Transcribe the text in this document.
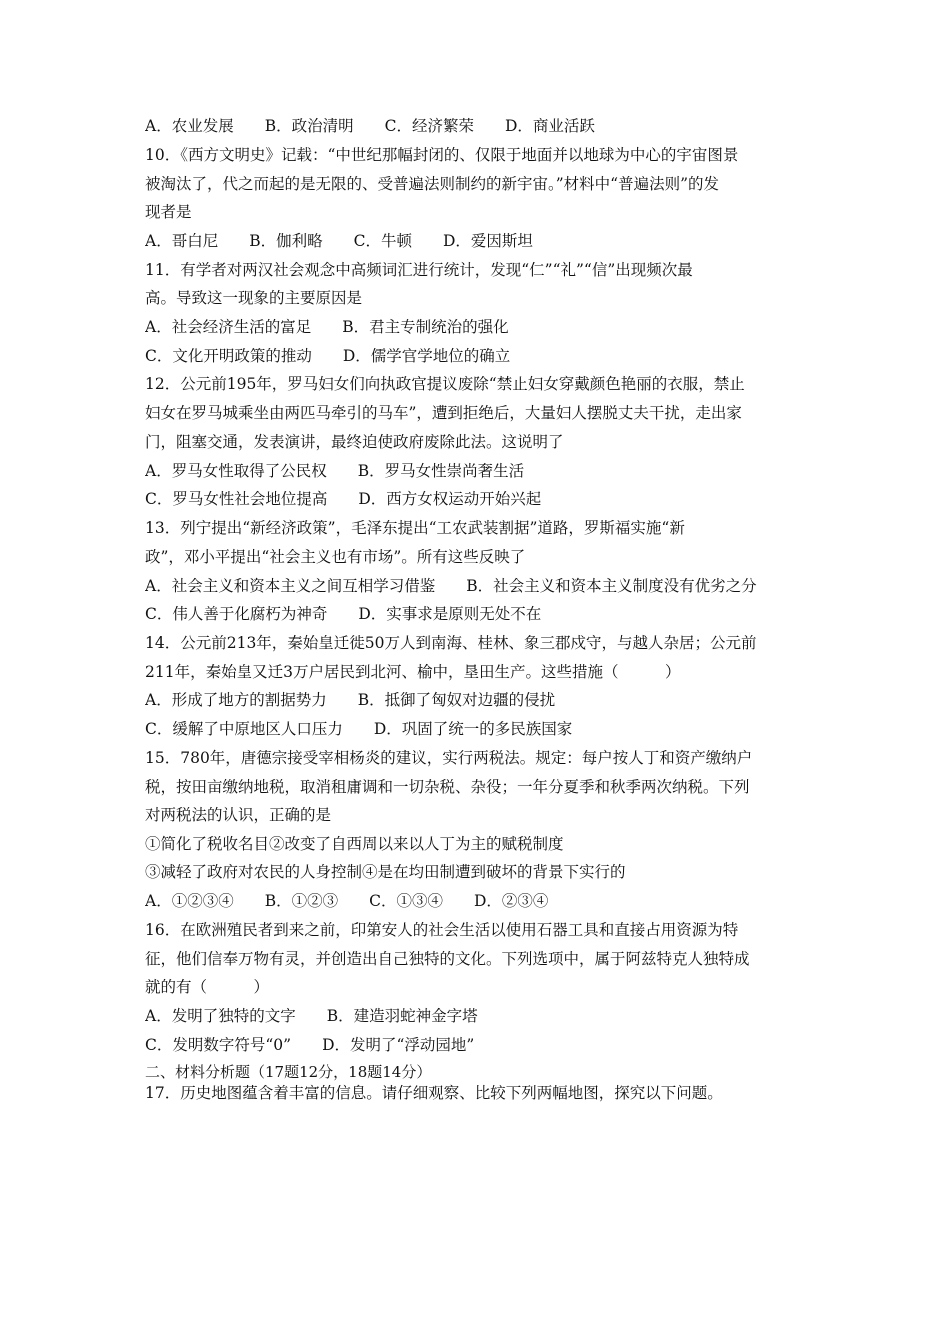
A．农业发展　　B．政治清明　　C．经济繁荣　　D．商业活跃
10．《西方文明史》记载：“中世纪那幅封闭的、仅限于地面并以地球为中心的宇宙图景
被淘汰了，代之而起的是无限的、受普遍法则制约的新宇宙。”材料中“普遍法则”的发
现者是
A．哥白尼　　B．伽利略　　C．牛顿　　D．爱因斯坦
11．有学者对两汉社会观念中高频词汇进行统计，发现“仁”“礼”“信”出现频次最
高。导致这一现象的主要原因是
A．社会经济生活的富足　　B．君主专制统治的强化
C．文化开明政策的推动　　D．儒学官学地位的确立
12．公元前195年，罗马妇女们向执政官提议废除“禁止妇女穿戴颜色艳丽的衣服，禁止
妇女在罗马城乘坐由两匹马牵引的马车”，遭到拒绝后，大量妇人摆脱丈夫干扰，走出家
门，阻塞交通，发表演讲，最终迫使政府废除此法。这说明了
A．罗马女性取得了公民权　　B．罗马女性崇尚奢生活
C．罗马女性社会地位提高　　D．西方女权运动开始兴起
13．列宁提出“新经济政策”，毛泽东提出“工农武装割据”道路，罗斯福实施“新
政”，邓小平提出“社会主义也有市场”。所有这些反映了
A．社会主义和资本主义之间互相学习借鉴　　B．社会主义和资本主义制度没有优劣之分
C．伟人善于化腐朽为神奇　　D．实事求是原则无处不在
14．公元前213年，秦始皇迁徙50万人到南海、桂林、象三郡戍守，与越人杂居；公元前
211年，秦始皇又迁3万户居民到北河、榆中，垦田生产。这些措施（　　　）
A．形成了地方的割据势力　　B．抵御了匈奴对边疆的侵扰
C．缓解了中原地区人口压力　　D．巩固了统一的多民族国家
15．780年，唐德宗接受宰相杨炎的建议，实行两税法。规定：每户按人丁和资产缴纳户
税，按田亩缴纳地税，取消租庸调和一切杂税、杂役；一年分夏季和秋季两次纳税。下列
对两税法的认识，正确的是
①简化了税收名目②改变了自西周以来以人丁为主的赋税制度
③减轻了政府对农民的人身控制④是在均田制遭到破坏的背景下实行的
A．①②③④　　B．①②③　　C．①③④　　D．②③④
16．在欧洲殖民者到来之前，印第安人的社会生活以使用石器工具和直接占用资源为特
征，他们信奉万物有灵，并创造出自己独特的文化。下列选项中，属于阿兹特克人独特成
就的有（　　　）
A．发明了独特的文字　　B．建造羽蛇神金字塔
C．发明数字符号“0”　　D．发明了“浮动园地”
二、材料分析题（17题12分，18题14分）
17．历史地图蕴含着丰富的信息。请仔细观察、比较下列两幅地图，探究以下问题。
